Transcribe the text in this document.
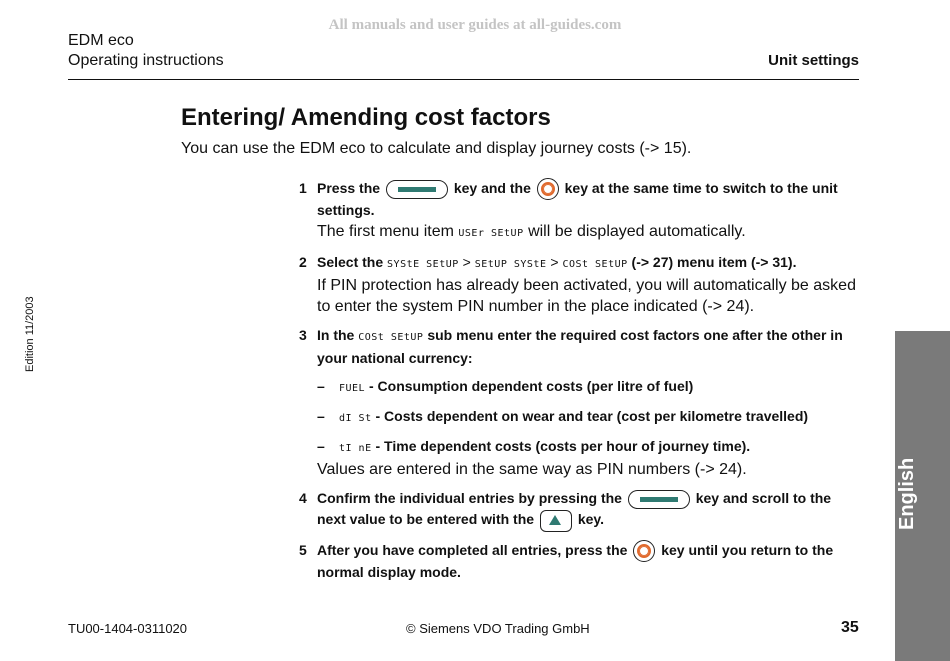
All manuals and user guides at all-guides.com
EDM eco
Operating instructions	Unit settings
Edition 11/2003
English
Entering/ Amending cost factors

You can use the EDM eco to calculate and display journey costs (-> 15).

1 Press the	key and the key at the same time to switch to the unit settings.
The first menu item USEr SEtUP will be displayed automatically.
2 Select the SYStE SEtUP > SEtUP SYStE > COSt SEtUP (-> 27) menu item (-> 31).
If PIN protection has already been activated, you will automatically be asked to enter the system PIN number in the place indicated (-> 24).
3 In the COSt SEtUP sub menu enter the required cost factors one after the other in your national currency:
– FUEL - Consumption dependent costs (per litre of fuel)
– dI St - Costs dependent on wear and tear (cost per kilometre travelled)
– tI nE - Time dependent costs (costs per hour of journey time).
Values are entered in the same way as PIN numbers (-> 24).
4 Confirm the individual entries by pressing the	key and scroll to the next value to be entered with the	key.
5 After you have completed all entries, press the key until you return to the normal display mode.
TU00-1404-0311020	© Siemens VDO Trading GmbH	35
